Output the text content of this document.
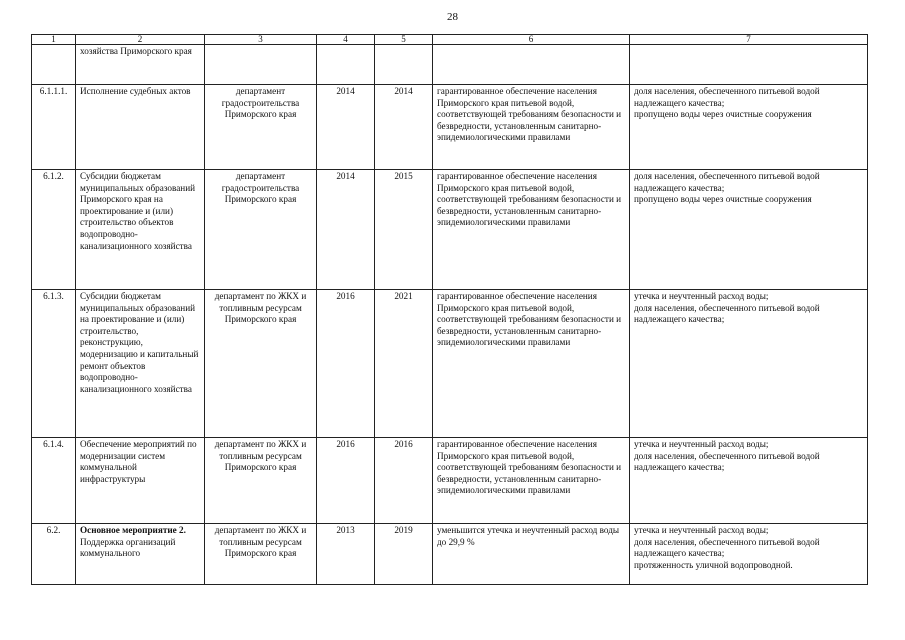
28
1	2	3	4	5	6	7
	хозяйства Приморского края					
6.1.1.1.	Исполнение судебных актов	департамент градостроительства Приморского края	2014	2014	гарантированное обеспечение населения Приморского края питьевой водой, соответствующей требованиям безопасности и безвредности, установленным санитарно-эпидемиологическими правилами	доля населения, обеспеченного питьевой водой надлежащего качества;
пропущено воды через очистные сооружения

6.1.2.	Субсидии бюджетам муниципальных образований Приморского края на проектирование и (или) строительство объектов водопроводно-канализационного хозяйства	департамент градостроительства Приморского края	2014	2015	гарантированное обеспечение населения Приморского края питьевой водой, соответствующей требованиям безопасности и безвредности, установленным санитарно-эпидемиологическими правилами	доля населения, обеспеченного питьевой водой надлежащего качества;
пропущено воды через очистные сооружения

6.1.3.	Субсидии бюджетам муниципальных образований на проектирование и (или) строительство, реконструкцию, модернизацию и капитальный ремонт объектов водопроводно-канализационного хозяйства	департамент по ЖКХ и топливным ресурсам Приморского края	2016	2021	гарантированное обеспечение населения Приморского края питьевой водой, соответствующей требованиям безопасности и безвредности, установленным санитарно-эпидемиологическими правилами	утечка и неучтенный расход воды;
доля населения, обеспеченного питьевой водой надлежащего качества;

6.1.4.	Обеспечение мероприятий по модернизации систем коммунальной инфраструктуры	департамент по ЖКХ и топливным ресурсам Приморского края	2016	2016	гарантированное обеспечение населения Приморского края питьевой водой, соответствующей требованиям безопасности и безвредности, установленным санитарно-эпидемиологическими правилами	утечка и неучтенный расход воды;
доля населения, обеспеченного питьевой водой надлежащего качества;

6.2.	Основное мероприятие 2. Поддержка организаций коммунального	департамент по ЖКХ и топливным ресурсам Приморского края	2013	2019	уменьшится утечка и неучтенный расход воды до 29,9 %	утечка и неучтенный расход воды;
доля населения, обеспеченного питьевой водой надлежащего качества;
протяженность уличной водопроводной.
